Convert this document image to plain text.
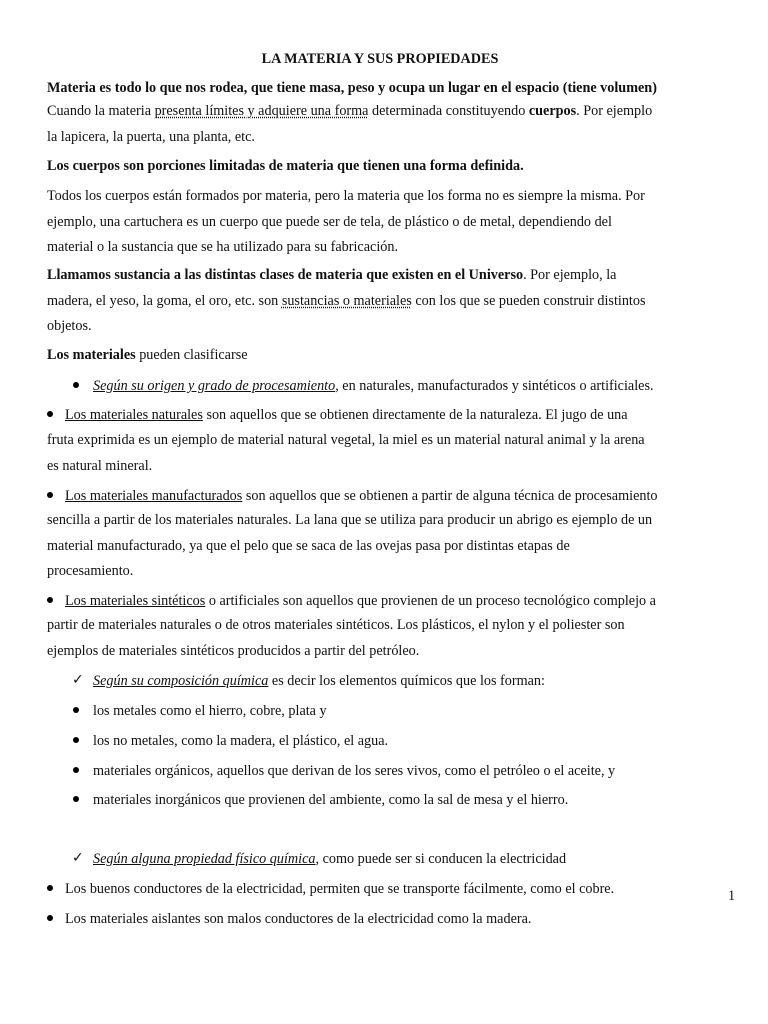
LA MATERIA Y SUS PROPIEDADES
Materia es todo lo que nos rodea, que tiene masa, peso y ocupa un lugar en el espacio (tiene volumen)
Cuando la materia presenta límites y adquiere una forma determinada constituyendo cuerpos. Por ejemplo
la lapicera, la puerta, una planta, etc.
Los cuerpos son porciones limitadas de materia que tienen una forma definida.
Todos los cuerpos están formados por materia, pero la materia que los forma no es siempre la misma. Por
ejemplo, una cartuchera es un cuerpo que puede ser de tela, de plástico o de metal, dependiendo del
material o la sustancia que se ha utilizado para su fabricación.
Llamamos sustancia a las distintas clases de materia que existen en el Universo. Por ejemplo, la
madera, el yeso, la goma, el oro, etc. son sustancias o materiales con los que se pueden construir distintos
objetos.
Los materiales pueden clasificarse
Según su origen y grado de procesamiento, en naturales, manufacturados y sintéticos o artificiales.
Los materiales naturales son aquellos que se obtienen directamente de la naturaleza. El jugo de una
fruta exprimida es un ejemplo de material natural vegetal, la miel es un material natural animal y la arena
es natural mineral.
Los materiales manufacturados son aquellos que se obtienen a partir de alguna técnica de procesamiento
sencilla a partir de los materiales naturales. La lana que se utiliza para producir un abrigo es ejemplo de un
material manufacturado, ya que el pelo que se saca de las ovejas pasa por distintas etapas de
procesamiento.
Los materiales sintéticos o artificiales son aquellos que provienen de un proceso tecnológico complejo a
partir de materiales naturales o de otros materiales sintéticos. Los plásticos, el nylon y el poliester son
ejemplos de materiales sintéticos producidos a partir del petróleo.
✓ Según su composición química es decir los elementos químicos que los forman:
los metales como el hierro, cobre, plata y
los no metales, como la madera, el plástico, el agua.
materiales orgánicos, aquellos que derivan de los seres vivos, como el petróleo o el aceite, y
materiales inorgánicos que provienen del ambiente, como la sal de mesa y el hierro.
✓ Según alguna propiedad físico química, como puede ser si conducen la electricidad
Los buenos conductores de la electricidad, permiten que se transporte fácilmente, como el cobre.
Los materiales aislantes son malos conductores de la electricidad como la madera.
1
